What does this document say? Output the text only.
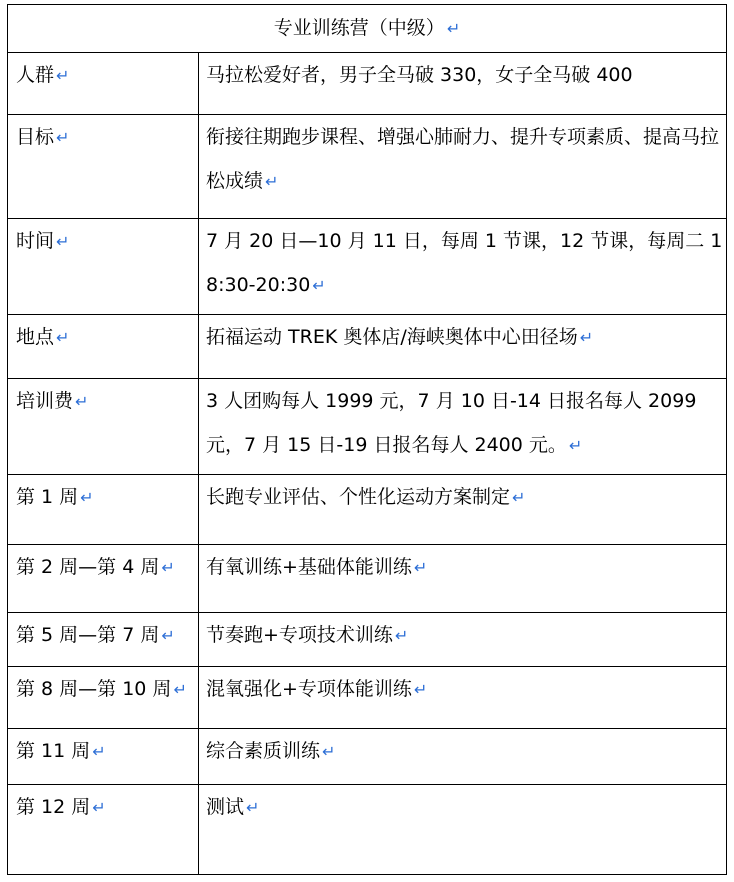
专业训练营（中级） ↵	
人群 ↵	马拉松爱好者，男子全马破 330，女子全马破 400
目标 ↵	衔接往期跑步课程、增强心肺耐力、提升专项素质、提高马拉松成绩 ↵
时间 ↵	7 月 20 日—10 月 11 日，每周 1 节课，12 节课，每周二 18:30-20:30 ↵
地点 ↵	拓福运动 TREK 奥体店/海峡奥体中心田径场 ↵
培训费 ↵	3 人团购每人 1999 元，7 月 10 日-14 日报名每人 2099 元，7 月 15 日-19 日报名每人 2400 元。 ↵
第 1 周 ↵	长跑专业评估、个性化运动方案制定 ↵
第 2 周—第 4 周 ↵	有氧训练+基础体能训练 ↵
第 5 周—第 7 周 ↵	节奏跑+专项技术训练 ↵
第 8 周—第 10 周 ↵	混氧强化+专项体能训练 ↵
第 11 周 ↵	综合素质训练 ↵
第 12 周 ↵	测试 ↵
